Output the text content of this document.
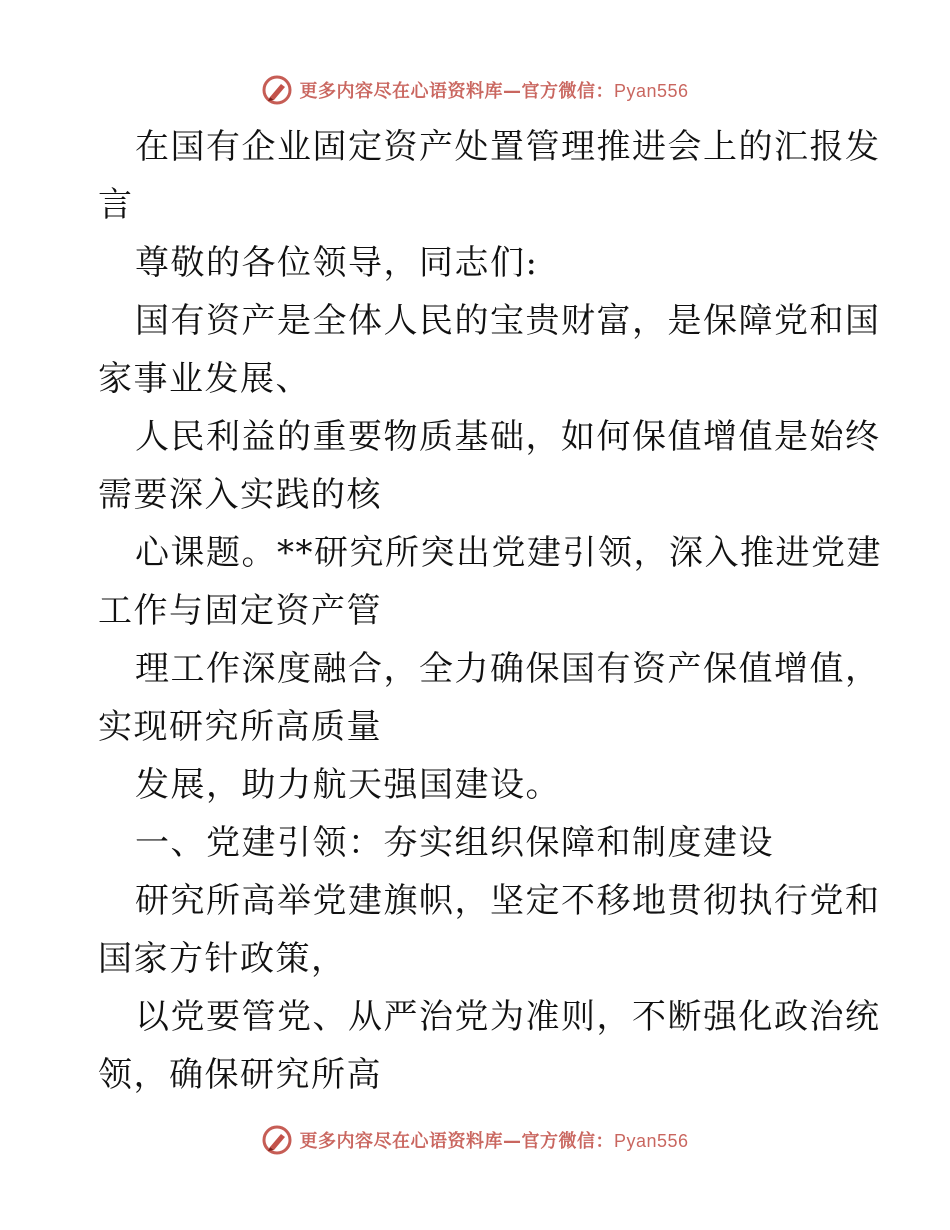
更多内容尽在心语资料库—官方微信：Pyan556
在国有企业固定资产处置管理推进会上的汇报发
言
尊敬的各位领导，同志们:
国有资产是全体人民的宝贵财富，是保障党和国
家事业发展、
人民利益的重要物质基础，如何保值增值是始终
需要深入实践的核
心课题。**研究所突出党建引领，深入推进党建
工作与固定资产管
理工作深度融合，全力确保国有资产保值增值，
实现研究所高质量
发展，助力航天强国建设。
一、党建引领：夯实组织保障和制度建设
研究所高举党建旗帜，坚定不移地贯彻执行党和
国家方针政策，
以党要管党、从严治党为准则，不断强化政治统
领，确保研究所高
更多内容尽在心语资料库—官方微信：Pyan556
